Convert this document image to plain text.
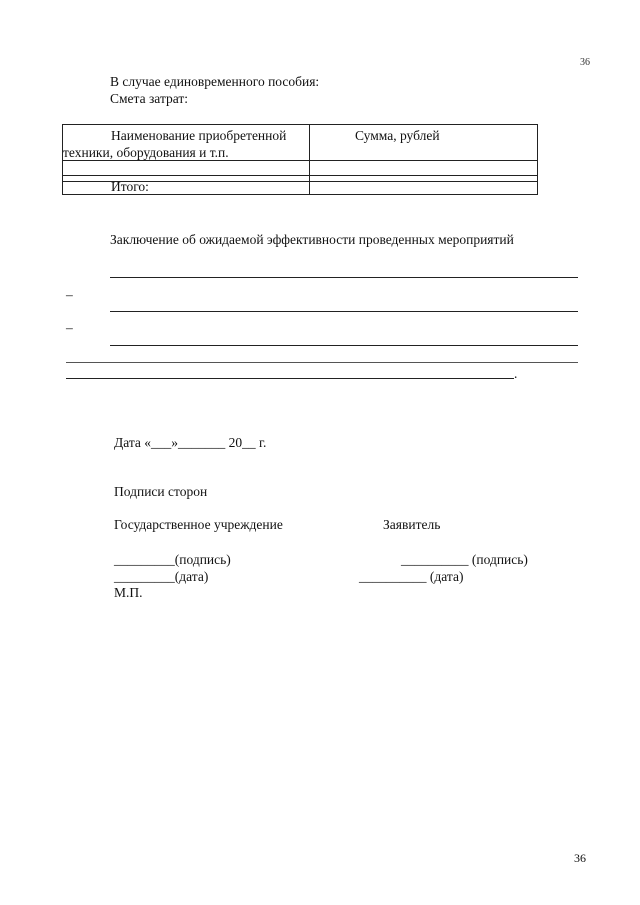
36
36
В случае единовременного пособия:
Смета затрат:
Наименование приобретенной
техники, оборудования и т.п.
Сумма, рублей
Итого:
Заключение об ожидаемой эффективности проведенных мероприятий
–
–
.
Дата «___»_______ 20__ г.
Подписи сторон
Государственное учреждение	Заявитель
_________(подпись)
_________(дата)
М.П.
__________ (подпись)
__________ (дата)
